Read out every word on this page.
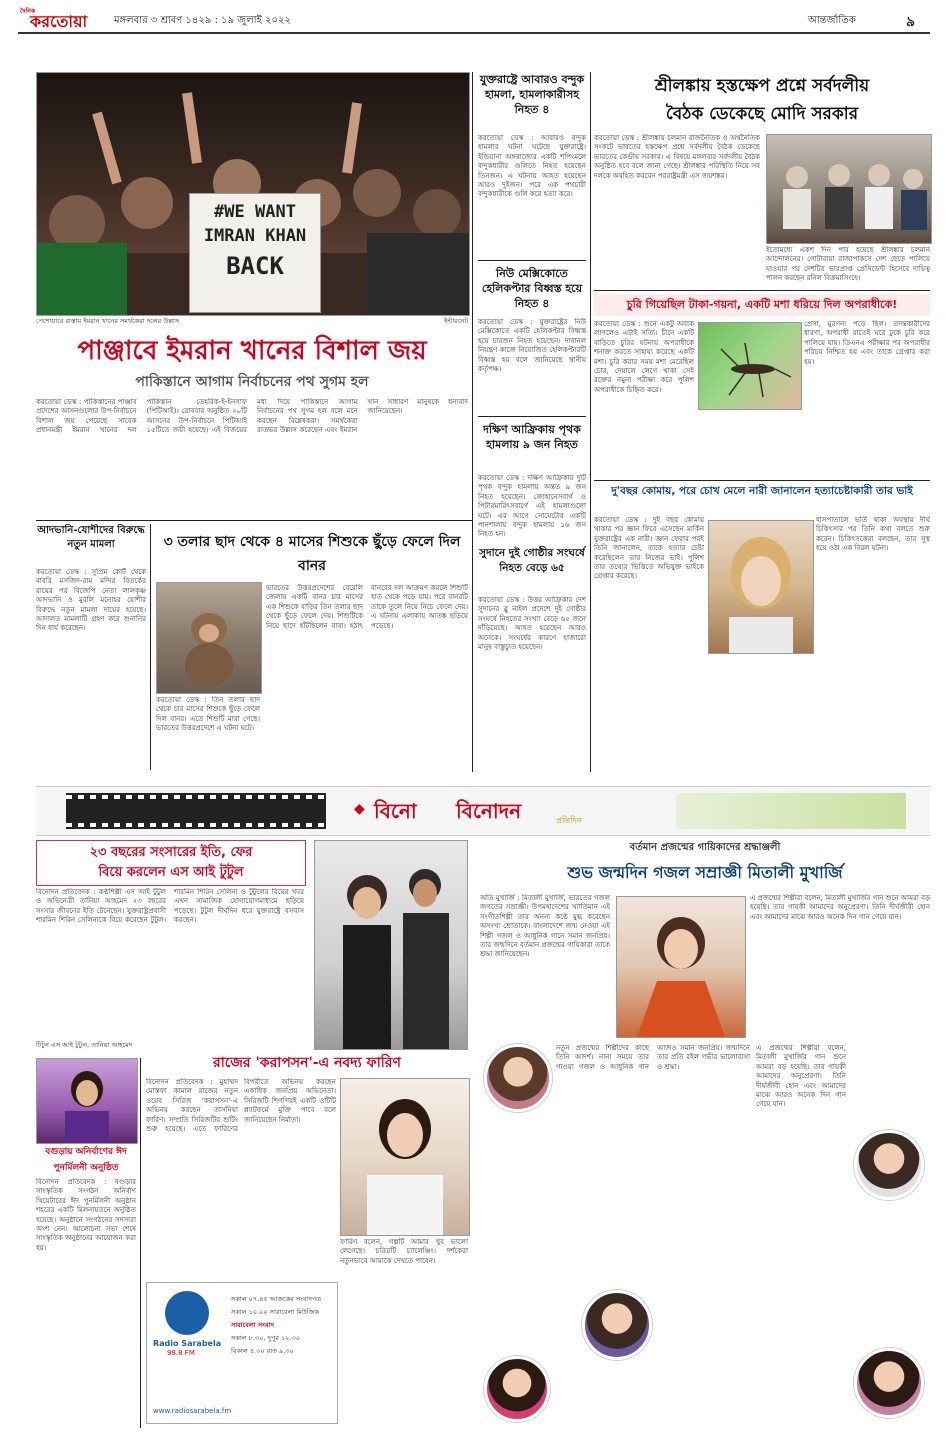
দৈনিক
করতোয়া	মঙ্গলবার ৩ শ্রাবণ ১৪২৯ : ১৯ জুলাই ২০২২	আন্তর্জাতিক	৯
#WE WANT
IMRAN KHAN
BACK
পেশোয়ারে রাস্তায় ইমরান খানের সমর্থকেরা দলের উল্লাস	ইন্টারনেট
পাঞ্জাবে ইমরান খানের বিশাল জয়
পাকিস্তানে আগাম নির্বাচনের পথ সুগম হল
করতোয়া ডেস্ক : পাকিস্তানের পাঞ্জাব প্রদেশের আসনগুলোর উপ-নির্বাচনে বিশাল জয় পেয়েছে সাবেক প্রধানমন্ত্রী ইমরান খানের দল পাকিস্তান তেহরিক-ই-ইনসাফ (পিটিআই)। রোববার অনুষ্ঠিত ২০টি আসনের উপ-নির্বাচনে পিটিআই ১৫টিতে জয়ী হয়েছে। এই বিজয়ের মধ্য দিয়ে পাকিস্তানে আগাম নির্বাচনের পথ সুগম হল বলে মনে করছেন বিশ্লেষকরা। সমর্থকেরা রাতভর উল্লাস করেছেন এবং ইমরান খান সাধারণ মানুষকে ধন্যবাদ জানিয়েছেন।
যুক্তরাষ্ট্রে আবারও বন্দুক হামলা, হামলাকারীসহ নিহত ৪
করতোয়া ডেস্ক : আবারও বন্দুক হামলার ঘটনা ঘটেছে যুক্তরাষ্ট্রে। ইন্ডিয়ানা অঙ্গরাজ্যের একটি শপিংমলে বন্দুকধারীর গুলিতে নিহত হয়েছেন তিনজন। এ ঘটনায় আহত হয়েছেন আরও দুইজন। পরে এক পথচারী বন্দুকধারীকে গুলি করে হত্যা করে।
নিউ মেক্সিকোতে হেলিকপ্টার বিধ্বস্ত হয়ে নিহত ৪
করতোয়া ডেস্ক : যুক্তরাষ্ট্রের নিউ মেক্সিকোতে একটি হেলিকপ্টার বিধ্বস্ত হয়ে চারজন নিহত হয়েছেন। দাবানল নিয়ন্ত্রণ কাজে নিয়োজিত হেলিকপ্টারটি বিধ্বস্ত হয় বলে জানিয়েছে স্থানীয় কর্তৃপক্ষ।
দক্ষিণ আফ্রিকায় পৃথক হামলায় ৯ জন নিহত
করতোয়া ডেস্ক : দক্ষিণ আফ্রিকায় দুটি পৃথক বন্দুক হামলায় অন্তত ৯ জন নিহত হয়েছেন। জোহানেসবার্গ ও পিটারমারিৎসবার্গে এই হামলাগুলো ঘটে। এর আগে সোয়েটোর একটি পানশালায় বন্দুক হামলায় ১৬ জন নিহত হন।
শ্রীলঙ্কায় হস্তক্ষেপ প্রশ্নে সর্বদলীয়
বৈঠক ডেকেছে মোদি সরকার
করতোয়া ডেস্ক : শ্রীলঙ্কায় চলমান রাজনৈতিক ও অর্থনৈতিক সংকটে ভারতের হস্তক্ষেপ প্রশ্নে সর্বদলীয় বৈঠক ডেকেছে ভারতের কেন্দ্রীয় সরকার। এ বিষয়ে মঙ্গলবার সর্বদলীয় বৈঠক অনুষ্ঠিত হবে বলে জানা গেছে। শ্রীলঙ্কার পরিস্থিতি নিয়ে সব দলকে অবহিত করবেন পররাষ্ট্রমন্ত্রী এস জয়শঙ্কর।
ইতোমধ্যে একশ দিন পার হয়েছে শ্রীলঙ্কার চলমান আন্দোলনের। গোটাবায়া রাজাপাকসে দেশ ছেড়ে পালিয়ে যাওয়ার পর দেশটির ভারপ্রাপ্ত প্রেসিডেন্ট হিসেবে দায়িত্ব পালন করছেন রনিল বিক্রমাসিংহে।
চুরি গিয়েছিল টাকা-গয়না, একটি মশা ধরিয়ে দিল অপরাধীকে!
করতোয়া ডেস্ক : শুনে একটু অবাক লাগলেও এটাই সত্যি। চীনে একটি বাড়িতে চুরির ঘটনায় অপরাধীকে শনাক্ত করতে সাহায্য করেছে একটি মশা। চুরি করার সময় মশা মেরেছিল চোর, দেয়ালে লেগে থাকা সেই রক্তের নমুনা পরীক্ষা করে পুলিশ অপরাধীকে চিহ্নিত করে।
প্রেসা, মুরগন্য পড়ে ছিল। তদন্তকারীদের ধারণা, অপরাধী রাতেই ঘরে ঢুকে চুরি করে পালিয়ে যায়। ডিএনএ পরীক্ষার পর অপরাধীর পরিচয় নিশ্চিত হয় এবং তাকে গ্রেপ্তার করা হয়।
দু'বছর কোমায়, পরে চোখ মেলে নারী জানালেন হত্যাচেষ্টাকারী তার ভাই
করতোয়া ডেস্ক : দুই বছর কোমায় থাকার পর জ্ঞান ফিরে এসেছেন মার্কিন যুক্তরাষ্ট্রের এক নারী। জ্ঞান ফেরার পরই তিনি জানালেন, তাকে হত্যার চেষ্টা করেছিলেন তার নিজের ভাই। পুলিশ তার তথ্যের ভিত্তিতে অভিযুক্ত ভাইকে গ্রেপ্তার করেছে।
হাসপাতালে ভর্তি থাকা অবস্থায় দীর্ঘ চিকিৎসার পর তিনি কথা বলতে শুরু করেন। চিকিৎসকেরা বলছেন, তার সুস্থ হয়ে ওঠা এক বিরল ঘটনা।
আদভানি-যোশীদের বিরুদ্ধে নতুন মামলা
করতোয়া ডেস্ক : সুপ্রিম কোর্ট থেকে বাবরি মসজিদ-রাম মন্দির বিতর্কের রায়ের পর বিজেপি নেতা লালকৃষ্ণ আদভানি ও মুরলি মনোহর যোশীর বিরুদ্ধে নতুন মামলা দায়ের হয়েছে। আদালত মামলাটি গ্রহণ করে শুনানির দিন ধার্য করেছেন।
৩ তলার ছাদ থেকে ৪ মাসের শিশুকে ছুঁড়ে ফেলে দিল বানর
করতোয়া ডেস্ক : তিন তলার ছাদ থেকে চার মাসের শিশুকে ছুঁড়ে ফেলে দিল বানর। এতে শিশুটি মারা গেছে। ভারতের উত্তরপ্রদেশে এ ঘটনা ঘটে।
ভারতের উত্তরপ্রদেশের বেরেলি জেলায় একটি বানর চার মাসের এক শিশুকে বাড়ির তিন তলার ছাদ থেকে ছুঁড়ে ফেলে দেয়। শিশুটিকে নিয়ে ছাদে হাঁটছিলেন বাবা। হঠাৎ বানরের দল আক্রমণ করলে শিশুটি হাত থেকে পড়ে যায়। পরে বানরটি তাকে তুলে নিয়ে নিচে ফেলে দেয়। এ ঘটনায় এলাকায় আতঙ্ক ছড়িয়ে পড়েছে।
সুদানে দুই গোষ্ঠীর সংঘর্ষে নিহত বেড়ে ৬৫
করতোয়া ডেস্ক : উত্তর আফ্রিকার দেশ সুদানের ব্লু নাইল প্রদেশে দুই গোষ্ঠীর সংঘর্ষে নিহতের সংখ্যা বেড়ে ৬৫ জনে দাঁড়িয়েছে। আহত হয়েছেন আরও অনেকে। সংঘর্ষের কারণে হাজারো মানুষ বাস্তুচ্যুত হয়েছেন।
◆ বিনো বিনোদন	প্রতিদিন
২৩ বছরের সংসারের ইতি, ফের
বিয়ে করলেন এস আই টুটুল
বিনোদন প্রতিবেদক : কণ্ঠশিল্পী এস আই টুটুল ও অভিনেত্রী তানিয়া আহমেদ ২৩ বছরের সংসার জীবনের ইতি টেনেছেন। যুক্তরাষ্ট্রপ্রবাসী শারমিন শিরিন সেলিনাকে বিয়ে করেছেন টুটুল। শারমিন শিরিন সেলিনা ও টুটুলের বিয়ের খবর এখন সামাজিক যোগাযোগমাধ্যমে ছড়িয়ে পড়েছে। টুটুল দীর্ঘদিন ধরে যুক্তরাষ্ট্রে বসবাস করছেন।
টিটুন এস আই টুটুল, তানিয়া আহমেদ
বর্তমান প্রজন্মের গায়িকাদের শ্রদ্ধাঞ্জলী
শুভ জন্মদিন গজল সম্রাজ্ঞী মিতালী মুখার্জি
অতি মুখার্জি : মিতালী মুখার্জি, ভারতের গজল জগতের সম্রাজ্ঞী। উপমহাদেশের খ্যাতিমান এই সংগীতশিল্পী তার অনন্য কণ্ঠে মুগ্ধ করেছেন অসংখ্য শ্রোতাকে। বাংলাদেশে জন্ম নেওয়া এই শিল্পী গজল ও আধুনিক গানে সমান জনপ্রিয়। তার জন্মদিনে বর্তমান প্রজন্মের গায়িকারা তাকে শ্রদ্ধা জানিয়েছেন।
এ প্রজন্মের শিল্পীরা বলেন, মিতালী মুখার্জির গান শুনে আমরা বড় হয়েছি। তার গায়কী আমাদের অনুপ্রেরণা। তিনি দীর্ঘজীবী হোন এবং আমাদের মাঝে আরও অনেক দিন গান গেয়ে যান।
নতুন প্রজন্মের শিল্পীদের কাছে তিনি আদর্শ। নানা সময়ে তার গাওয়া গজল ও আধুনিক গান আজও সমান জনপ্রিয়। জন্মদিনে তার প্রতি রইল গভীর ভালোবাসা ও শ্রদ্ধা।
এ প্রজন্মের শিল্পীরা বলেন, মিতালী মুখার্জির গান শুনে আমরা বড় হয়েছি। তার গায়কী আমাদের অনুপ্রেরণা। তিনি দীর্ঘজীবী হোন এবং আমাদের মাঝে আরও অনেক দিন গান গেয়ে যান।
বগুড়ায় অনির্বাণের ঈদ পুনর্মিলনী অনুষ্ঠিত
বিনোদন প্রতিবেদক : বগুড়ার সাংস্কৃতিক সংগঠন অনির্বাণ থিয়েটারের ঈদ পুনর্মিলনী অনুষ্ঠান শহরের একটি মিলনায়তনে অনুষ্ঠিত হয়েছে। অনুষ্ঠানে সংগঠনের সদস্যরা অংশ নেন। আলোচনা সভা শেষে সাংস্কৃতিক অনুষ্ঠানের আয়োজন করা হয়।
রাজের 'করাপসন'-এ নবদ্য ফারিণ
বিনোদন প্রতিবেদক : মুহাম্মদ মোস্তফা কামাল রাজের নতুন ওয়েব সিরিজ 'করাপসন'-এ অভিনয় করছেন তাসনিয়া ফারিণ। সম্প্রতি সিরিজটির শুটিং শুরু হয়েছে। এতে ফারিণের বিপরীতে অভিনয় করছেন একাধিক জনপ্রিয় অভিনেতা। সিরিজটি শিগগিরই একটি ওটিটি প্ল্যাটফর্মে মুক্তি পাবে বলে জানিয়েছেন নির্মাতা।
ফারিণ বলেন, গল্পটি আমার খুব ভালো লেগেছে। চরিত্রটি চ্যালেঞ্জিং। দর্শকেরা নতুনভাবে আমাকে দেখতে পাবেন।
Radio Sarabela
98.8 FM
সকাল ০৭.৪৫ আজকের সংবাদপত্র
সকাল ১০.০০ সারাবেলা মিউজিক
সারাবেলা সংবাদ
সকাল ৮.৩০, দুপুর ১২.৩০
বিকাল ৪.৩০ রাত ৯.৩০
www.radiosarabela.fm
